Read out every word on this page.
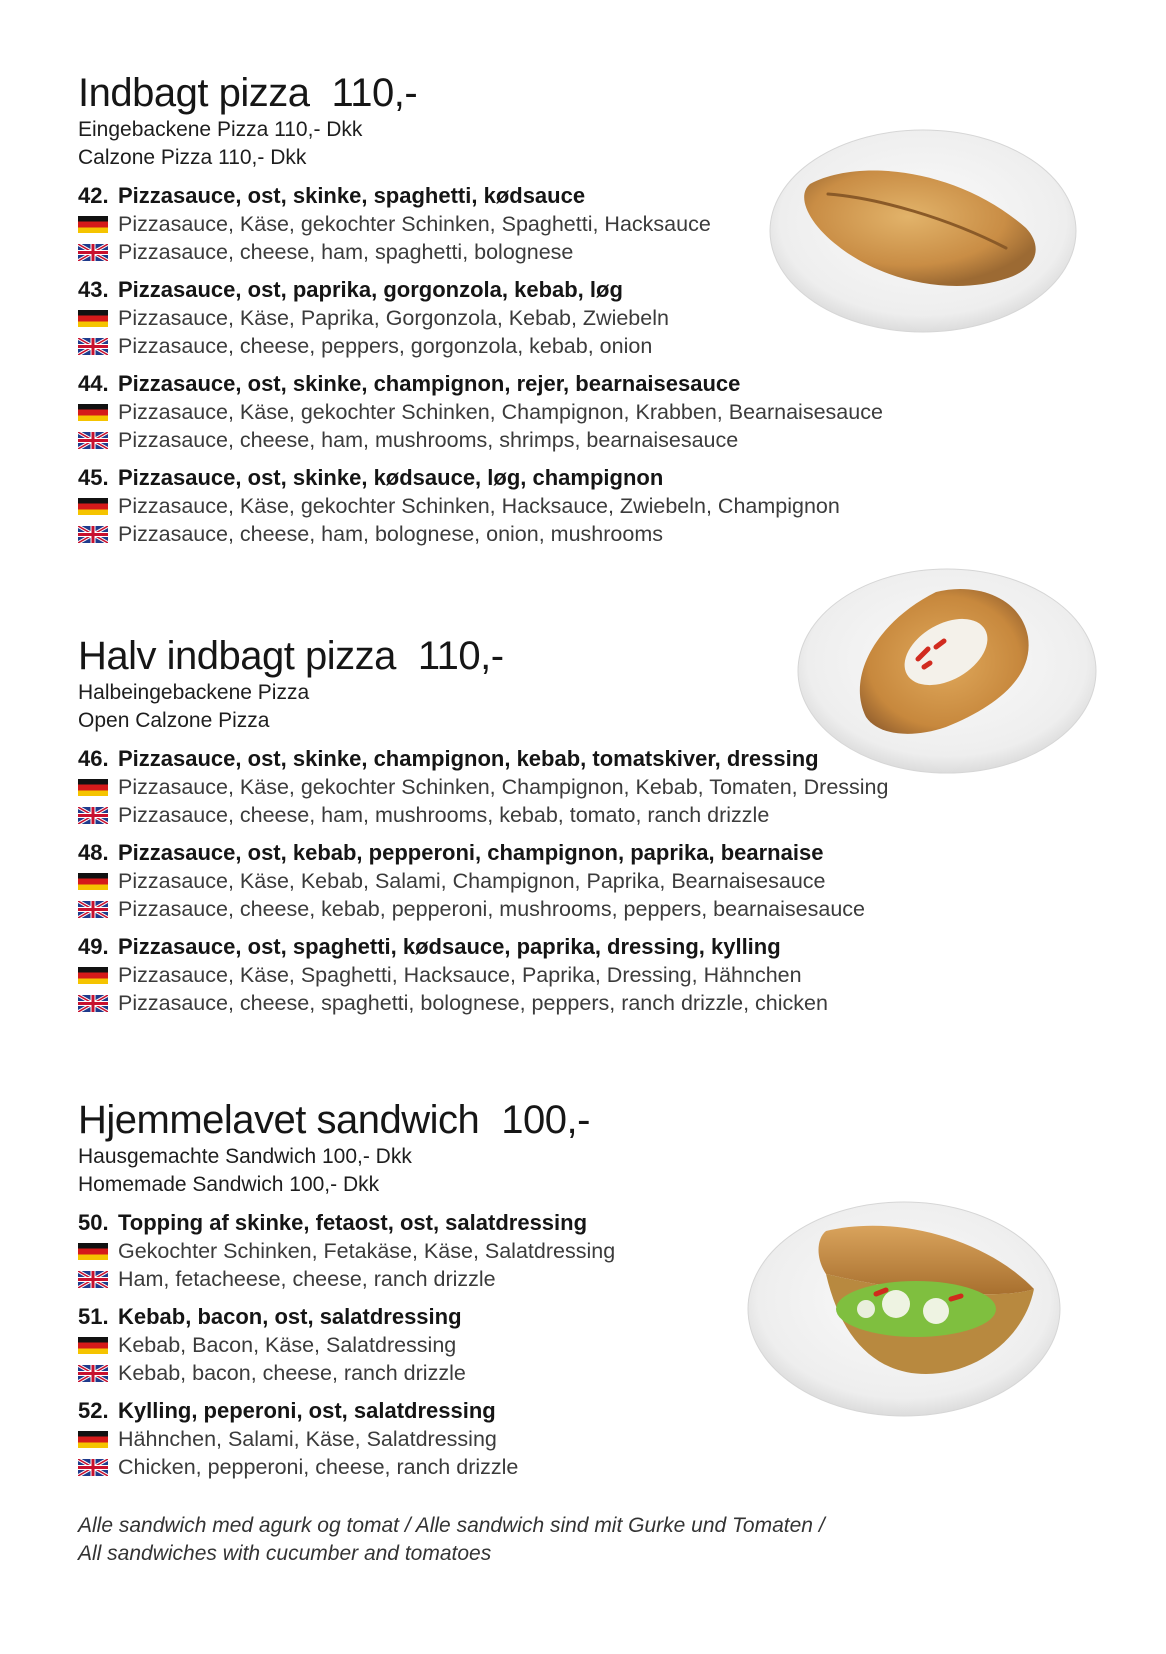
Indbagt pizza 110,-
Eingebackene Pizza 110,- Dkk
Calzone Pizza 110,- Dkk
42. Pizzasauce, ost, skinke, spaghetti, kødsauce
Pizzasauce, Käse, gekochter Schinken, Spaghetti, Hacksauce
Pizzasauce, cheese, ham, spaghetti, bolognese
43. Pizzasauce, ost, paprika, gorgonzola, kebab, løg
Pizzasauce, Käse, Paprika, Gorgonzola, Kebab, Zwiebeln
Pizzasauce, cheese, peppers, gorgonzola, kebab, onion
44. Pizzasauce, ost, skinke, champignon, rejer, bearnaisesauce
Pizzasauce, Käse, gekochter Schinken, Champignon, Krabben, Bearnaisesauce
Pizzasauce, cheese, ham, mushrooms, shrimps, bearnaisesauce
45. Pizzasauce, ost, skinke, kødsauce, løg, champignon
Pizzasauce, Käse, gekochter Schinken, Hacksauce, Zwiebeln, Champignon
Pizzasauce, cheese, ham, bolognese, onion, mushrooms
Halv indbagt pizza 110,-
Halbeingebackene Pizza
Open Calzone Pizza
46. Pizzasauce, ost, skinke, champignon, kebab, tomatskiver, dressing
Pizzasauce, Käse, gekochter Schinken, Champignon, Kebab, Tomaten, Dressing
Pizzasauce, cheese, ham, mushrooms, kebab, tomato, ranch drizzle
48. Pizzasauce, ost, kebab, pepperoni, champignon, paprika, bearnaise
Pizzasauce, Käse, Kebab, Salami, Champignon, Paprika, Bearnaisesauce
Pizzasauce, cheese, kebab, pepperoni, mushrooms, peppers, bearnaisesauce
49. Pizzasauce, ost, spaghetti, kødsauce, paprika, dressing, kylling
Pizzasauce, Käse, Spaghetti, Hacksauce, Paprika, Dressing, Hähnchen
Pizzasauce, cheese, spaghetti, bolognese, peppers, ranch drizzle, chicken
Hjemmelavet sandwich 100,-
Hausgemachte Sandwich 100,- Dkk
Homemade Sandwich 100,- Dkk
50. Topping af skinke, fetaost, ost, salatdressing
Gekochter Schinken, Fetakäse, Käse, Salatdressing
Ham, fetacheese, cheese, ranch drizzle
51. Kebab, bacon, ost, salatdressing
Kebab, Bacon, Käse, Salatdressing
Kebab, bacon, cheese, ranch drizzle
52. Kylling, peperoni, ost, salatdressing
Hähnchen, Salami, Käse, Salatdressing
Chicken, pepperoni, cheese, ranch drizzle
Alle sandwich med agurk og tomat / Alle sandwich sind mit Gurke und Tomaten /
All sandwiches with cucumber and tomatoes
